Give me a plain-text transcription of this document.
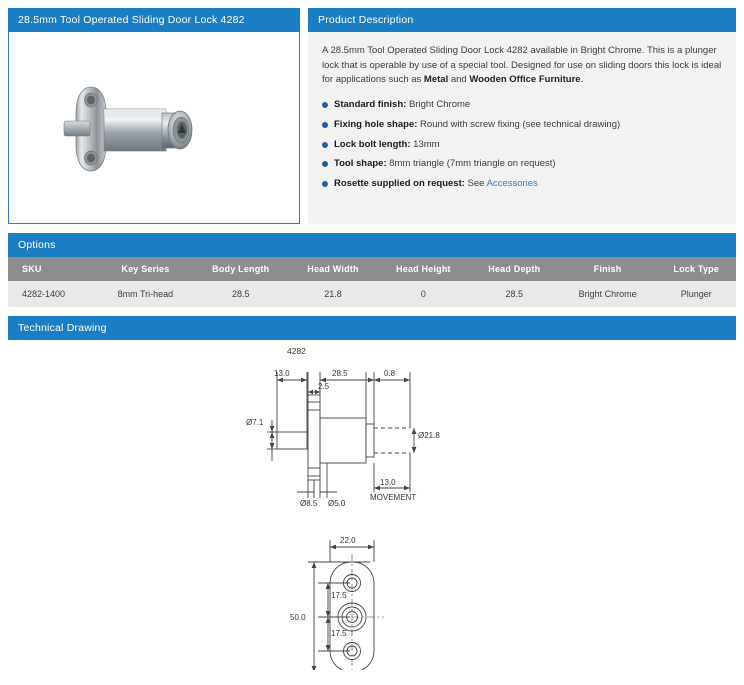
28.5mm Tool Operated Sliding Door Lock 4282	Product Description

A 28.5mm Tool Operated Sliding Door Lock 4282 available in Bright Chrome. This is a plunger lock that is operable by use of a special tool. Designed for use on sliding doors this lock is ideal for applications such as Metal and Wooden Office Furniture.

Standard finish: Bright Chrome
Fixing hole shape: Round with screw fixing (see technical drawing)
Lock bolt length: 13mm
Tool shape: 8mm triangle (7mm triangle on request)
Rosette supplied on request: See Accessories
Options
SKU	Key Series	Body Length	Head Width	Head Height	Head Depth	Finish	Lock Type
4282-1400	8mm Tri-head	28.5	21.8	0	28.5	Bright Chrome	Plunger
Technical Drawing
4282
28.5	0.8
2.5
13.0
Ø7.1
Ø21.8
Ø8.5 Ø5.0
13.0
MOVEMENT
22.0
17.5
17.5
50.0
